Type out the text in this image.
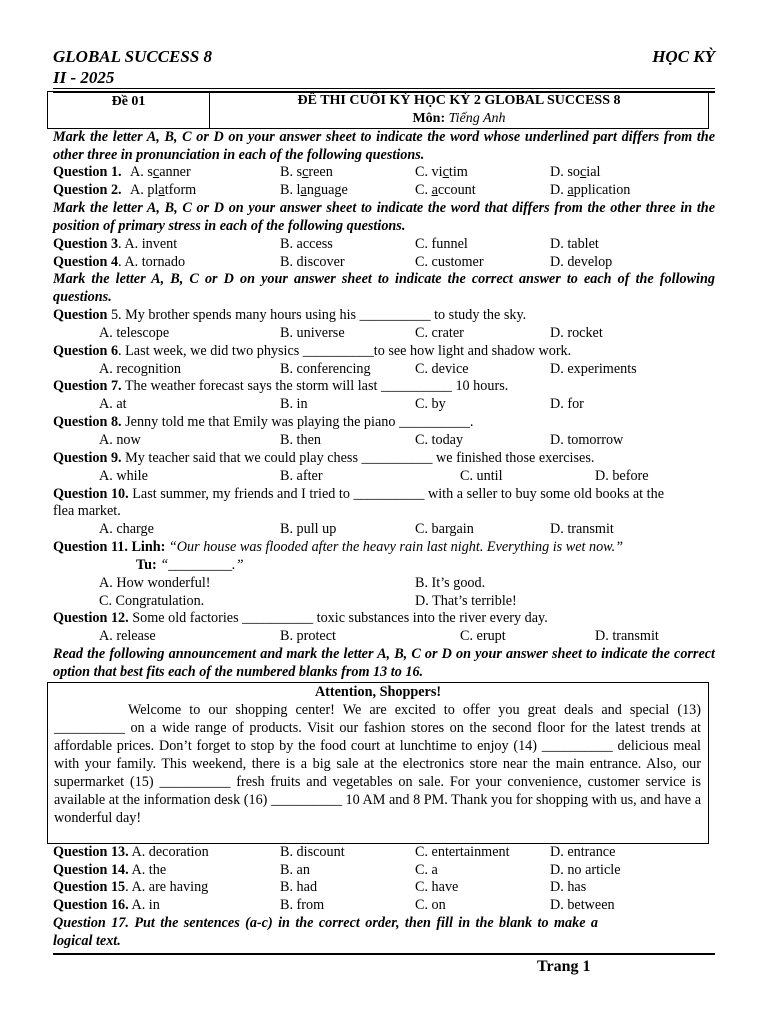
GLOBAL SUCCESS 8	HỌC KỲ
II - 2025
Đề 01	ĐỀ THI CUỐI KỲ HỌC KỲ 2 GLOBAL SUCCESS 8
Môn: Tiếng Anh
Mark the letter A, B, C or D on your answer sheet to indicate the word whose underlined part differs from the other three in pronunciation in each of the following questions.
Question 1. A. scanner	B. screen	C. victim	D. social
Question 2. A. platform	B. language	C. account	D. application
Mark the letter A, B, C or D on your answer sheet to indicate the word that differs from the other three in the position of primary stress in each of the following questions.
Question 3. A. invent	B. access	C. funnel	D. tablet
Question 4. A. tornado	B. discover	C. customer	D. develop
Mark the letter A, B, C or D on your answer sheet to indicate the correct answer to each of the following questions.
Question 5. My brother spends many hours using his __________ to study the sky.
A. telescope	B. universe	C. crater	D. rocket
Question 6. Last week, we did two physics __________to see how light and shadow work.
A. recognition	B. conferencing	C. device	D. experiments
Question 7. The weather forecast says the storm will last __________ 10 hours.
A. at	B. in	C. by	D. for
Question 8. Jenny told me that Emily was playing the piano __________.
A. now	B. then	C. today	D. tomorrow
Question 9. My teacher said that we could play chess __________ we finished those exercises.
A. while	B. after	C. until	D. before
Question 10. Last summer, my friends and I tried to __________ with a seller to buy some old books at the
flea market.
A. charge	B. pull up	C. bargain	D. transmit
Question 11. Linh: “Our house was flooded after the heavy rain last night. Everything is wet now.”
Tu: “_________.”
A. How wonderful!	B. It’s good.
C. Congratulation.	D. That’s terrible!
Question 12. Some old factories __________ toxic substances into the river every day.
A. release	B. protect	C. erupt	D. transmit
Read the following announcement and mark the letter A, B, C or D on your answer sheet to indicate the correct option that best fits each of the numbered blanks from 13 to 16.
Attention, Shoppers!
Welcome to our shopping center! We are excited to offer you great deals and special (13) __________ on a wide range of products. Visit our fashion stores on the second floor for the latest trends at affordable prices. Don’t forget to stop by the food court at lunchtime to enjoy (14) __________ delicious meal with your family. This weekend, there is a big sale at the electronics store near the main entrance. Also, our supermarket (15) __________ fresh fruits and vegetables on sale. For your convenience, customer service is available at the information desk (16) __________ 10 AM and 8 PM. Thank you for shopping with us, and have a wonderful day!
Question 13. A. decoration	B. discount	C. entertainment	D. entrance
Question 14. A. the	B. an	C. a	D. no article
Question 15. A. are having	B. had	C. have	D. has
Question 16. A. in	B. from	C. on	D. between
Question 17. Put the sentences (a-c) in the correct order, then fill in the blank to make a logical text.
Trang 1
